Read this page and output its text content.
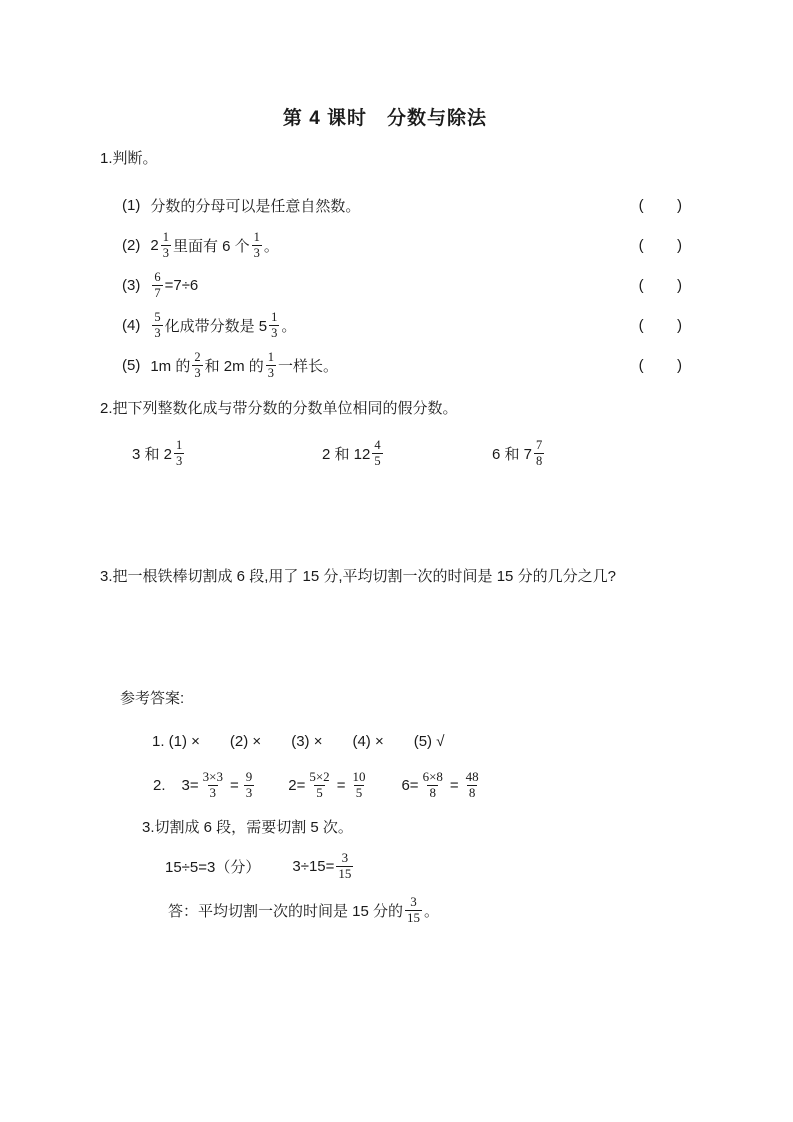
第 4 课时　分数与除法
1.判断。
(1) 分数的分母可以是任意自然数。	(        )
(2) $2 \frac{1}{3}$ 里面有 6 个 $\frac{1}{3}$ 。	(        )
$(3) \frac{6}{7} =7\div 6$	(        )
$(4) \frac{5}{3}$ 化成带分数是 $5 \frac{1}{3}$ 。	(        )
(5) 1m 的 $\frac{2}{3}$ 和 2m 的 $\frac{1}{3}$ 一样长。	(        )
2.把下列整数化成与带分数的分数单位相同的假分数。
3 和 $2 \frac{1}{3}$	2 和 $12 \frac{4}{5}$	6 和 $7 \frac{7}{8}$
3.把一根铁棒切割成 6 段,用了 15 分,平均切割一次的时间是 15 分的几分之几?
参考答案:
1. (1) ×　　(2) ×　　(3) ×　　(4) ×　　(5) √
2. $3= \frac{3\times 3}{3} = \frac{9}{3} 2= \frac{5\times 2}{5} = \frac{10}{5} 6= \frac{6\times 8}{8} = \frac{48}{8}$
3.切割成 6 段，需要切割 5 次。
15÷5=3（分） $3\div 15= \frac{3}{15}$
答：平均切割一次的时间是 15 分的 $\frac{3}{15}$ 。
